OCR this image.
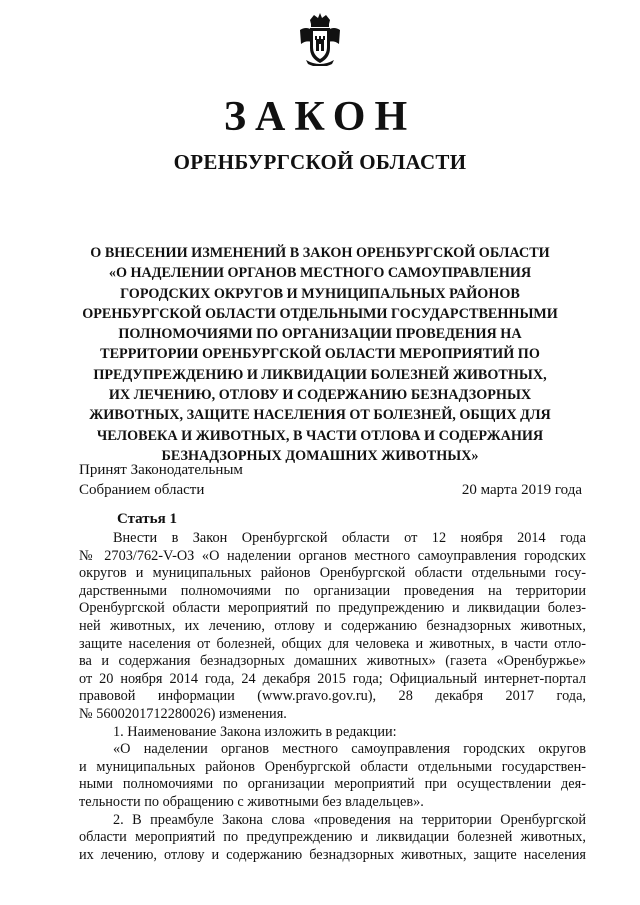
ЗАКОН
ОРЕНБУРГСКОЙ ОБЛАСТИ
О ВНЕСЕНИИ ИЗМЕНЕНИЙ В ЗАКОН ОРЕНБУРГСКОЙ ОБЛАСТИ
«О НАДЕЛЕНИИ ОРГАНОВ МЕСТНОГО САМОУПРАВЛЕНИЯ
ГОРОДСКИХ ОКРУГОВ И МУНИЦИПАЛЬНЫХ РАЙОНОВ
ОРЕНБУРГСКОЙ ОБЛАСТИ ОТДЕЛЬНЫМИ ГОСУДАРСТВЕННЫМИ
ПОЛНОМОЧИЯМИ ПО ОРГАНИЗАЦИИ ПРОВЕДЕНИЯ НА
ТЕРРИТОРИИ ОРЕНБУРГСКОЙ ОБЛАСТИ МЕРОПРИЯТИЙ ПО
ПРЕДУПРЕЖДЕНИЮ И ЛИКВИДАЦИИ БОЛЕЗНЕЙ ЖИВОТНЫХ,
ИХ ЛЕЧЕНИЮ, ОТЛОВУ И СОДЕРЖАНИЮ БЕЗНАДЗОРНЫХ
ЖИВОТНЫХ, ЗАЩИТЕ НАСЕЛЕНИЯ ОТ БОЛЕЗНЕЙ, ОБЩИХ ДЛЯ
ЧЕЛОВЕКА И ЖИВОТНЫХ, В ЧАСТИ ОТЛОВА И СОДЕРЖАНИЯ
БЕЗНАДЗОРНЫХ ДОМАШНИХ ЖИВОТНЫХ»
Принят Законодательным
Собранием области	20 марта 2019 года
Статья 1
Внести в Закон Оренбургской области от 12 ноября 2014 года
№ 2703/762-V-ОЗ «О наделении органов местного самоуправления городских
округов и муниципальных районов Оренбургской области отдельными госу-
дарственными полномочиями по организации проведения на территории
Оренбургской области мероприятий по предупреждению и ликвидации болез-
ней животных, их лечению, отлову и содержанию безнадзорных животных,
защите населения от болезней, общих для человека и животных, в части отло-
ва и содержания безнадзорных домашних животных» (газета «Оренбуржье»
от 20 ноября 2014 года, 24 декабря 2015 года; Официальный интернет-портал
правовой информации (www.pravo.gov.ru), 28 декабря 2017 года,
№ 5600201712280026) изменения.
1. Наименование Закона изложить в редакции:
«О наделении органов местного самоуправления городских округов
и муниципальных районов Оренбургской области отдельными государствен-
ными полномочиями по организации мероприятий при осуществлении дея-
тельности по обращению с животными без владельцев».
2. В преамбуле Закона слова «проведения на территории Оренбургской
области мероприятий по предупреждению и ликвидации болезней животных,
их лечению, отлову и содержанию безнадзорных животных, защите населения
